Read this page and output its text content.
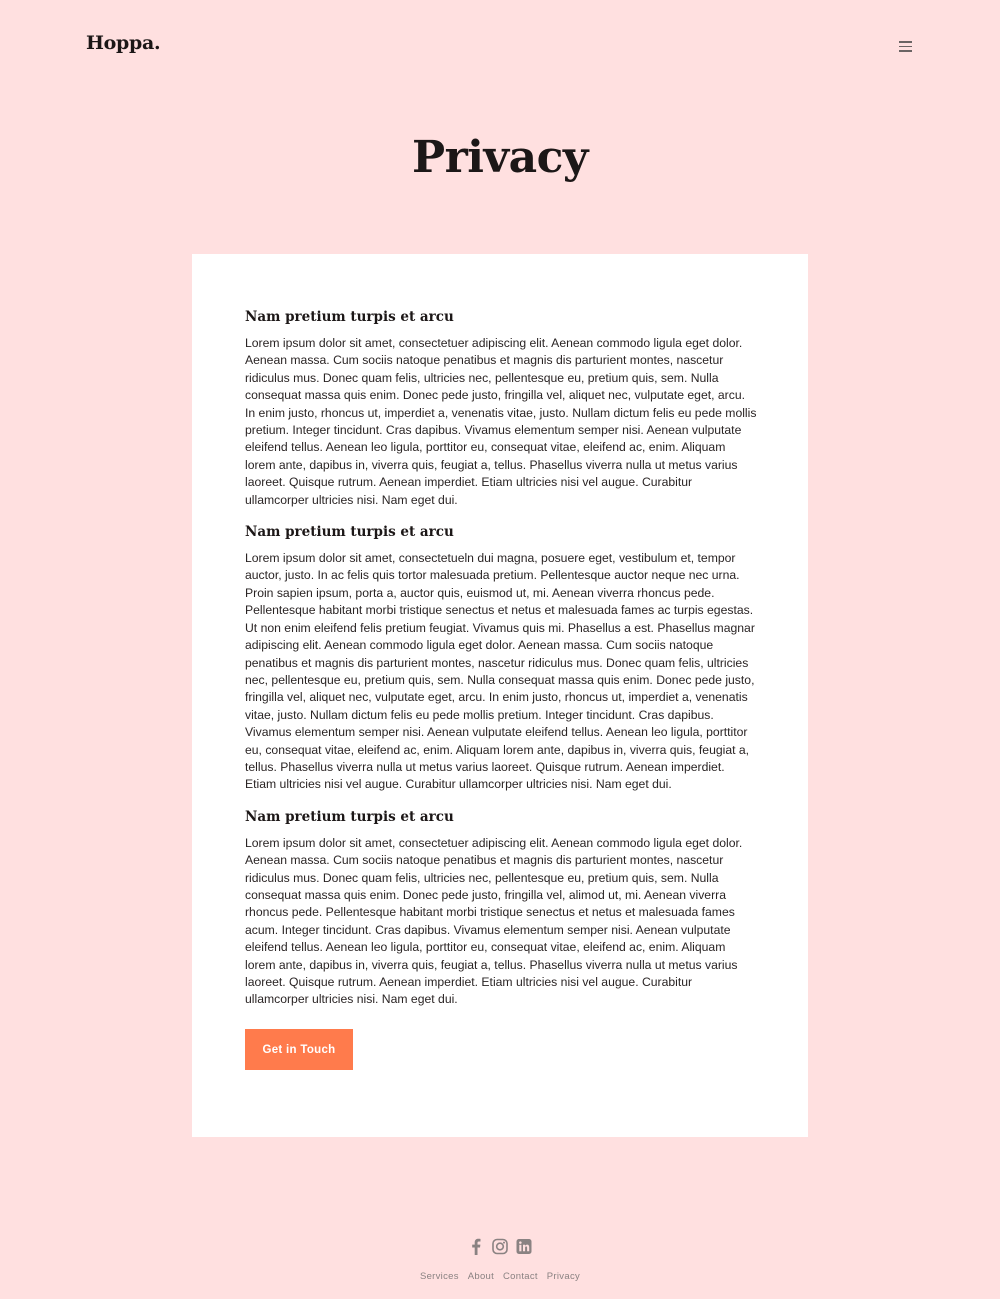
Hoppa.
Privacy
Nam pretium turpis et arcu

Lorem ipsum dolor sit amet, consectetuer adipiscing elit. Aenean commodo ligula eget dolor. Aenean massa. Cum sociis natoque penatibus et magnis dis parturient montes, nascetur ridiculus mus. Donec quam felis, ultricies nec, pellentesque eu, pretium quis, sem. Nulla consequat massa quis enim. Donec pede justo, fringilla vel, aliquet nec, vulputate eget, arcu. In enim justo, rhoncus ut, imperdiet a, venenatis vitae, justo. Nullam dictum felis eu pede mollis pretium. Integer tincidunt. Cras dapibus. Vivamus elementum semper nisi. Aenean vulputate eleifend tellus. Aenean leo ligula, porttitor eu, consequat vitae, eleifend ac, enim. Aliquam lorem ante, dapibus in, viverra quis, feugiat a, tellus. Phasellus viverra nulla ut metus varius laoreet. Quisque rutrum. Aenean imperdiet. Etiam ultricies nisi vel augue. Curabitur ullamcorper ultricies nisi. Nam eget dui.

Nam pretium turpis et arcu

Lorem ipsum dolor sit amet, consectetueln dui magna, posuere eget, vestibulum et, tempor auctor, justo. In ac felis quis tortor malesuada pretium. Pellentesque auctor neque nec urna. Proin sapien ipsum, porta a, auctor quis, euismod ut, mi. Aenean viverra rhoncus pede. Pellentesque habitant morbi tristique senectus et netus et malesuada fames ac turpis egestas. Ut non enim eleifend felis pretium feugiat. Vivamus quis mi. Phasellus a est. Phasellus magnar adipiscing elit. Aenean commodo ligula eget dolor. Aenean massa. Cum sociis natoque penatibus et magnis dis parturient montes, nascetur ridiculus mus. Donec quam felis, ultricies nec, pellentesque eu, pretium quis, sem. Nulla consequat massa quis enim. Donec pede justo, fringilla vel, aliquet nec, vulputate eget, arcu. In enim justo, rhoncus ut, imperdiet a, venenatis vitae, justo. Nullam dictum felis eu pede mollis pretium. Integer tincidunt. Cras dapibus. Vivamus elementum semper nisi. Aenean vulputate eleifend tellus. Aenean leo ligula, porttitor eu, consequat vitae, eleifend ac, enim. Aliquam lorem ante, dapibus in, viverra quis, feugiat a, tellus. Phasellus viverra nulla ut metus varius laoreet. Quisque rutrum. Aenean imperdiet. Etiam ultricies nisi vel augue. Curabitur ullamcorper ultricies nisi. Nam eget dui.

Nam pretium turpis et arcu

Lorem ipsum dolor sit amet, consectetuer adipiscing elit. Aenean commodo ligula eget dolor. Aenean massa. Cum sociis natoque penatibus et magnis dis parturient montes, nascetur ridiculus mus. Donec quam felis, ultricies nec, pellentesque eu, pretium quis, sem. Nulla consequat massa quis enim. Donec pede justo, fringilla vel, alimod ut, mi. Aenean viverra rhoncus pede. Pellentesque habitant morbi tristique senectus et netus et malesuada fames acum. Integer tincidunt. Cras dapibus. Vivamus elementum semper nisi. Aenean vulputate eleifend tellus. Aenean leo ligula, porttitor eu, consequat vitae, eleifend ac, enim. Aliquam lorem ante, dapibus in, viverra quis, feugiat a, tellus. Phasellus viverra nulla ut metus varius laoreet. Quisque rutrum. Aenean imperdiet. Etiam ultricies nisi vel augue. Curabitur ullamcorper ultricies nisi. Nam eget dui.

Get in Touch
Services About Contact Privacy
